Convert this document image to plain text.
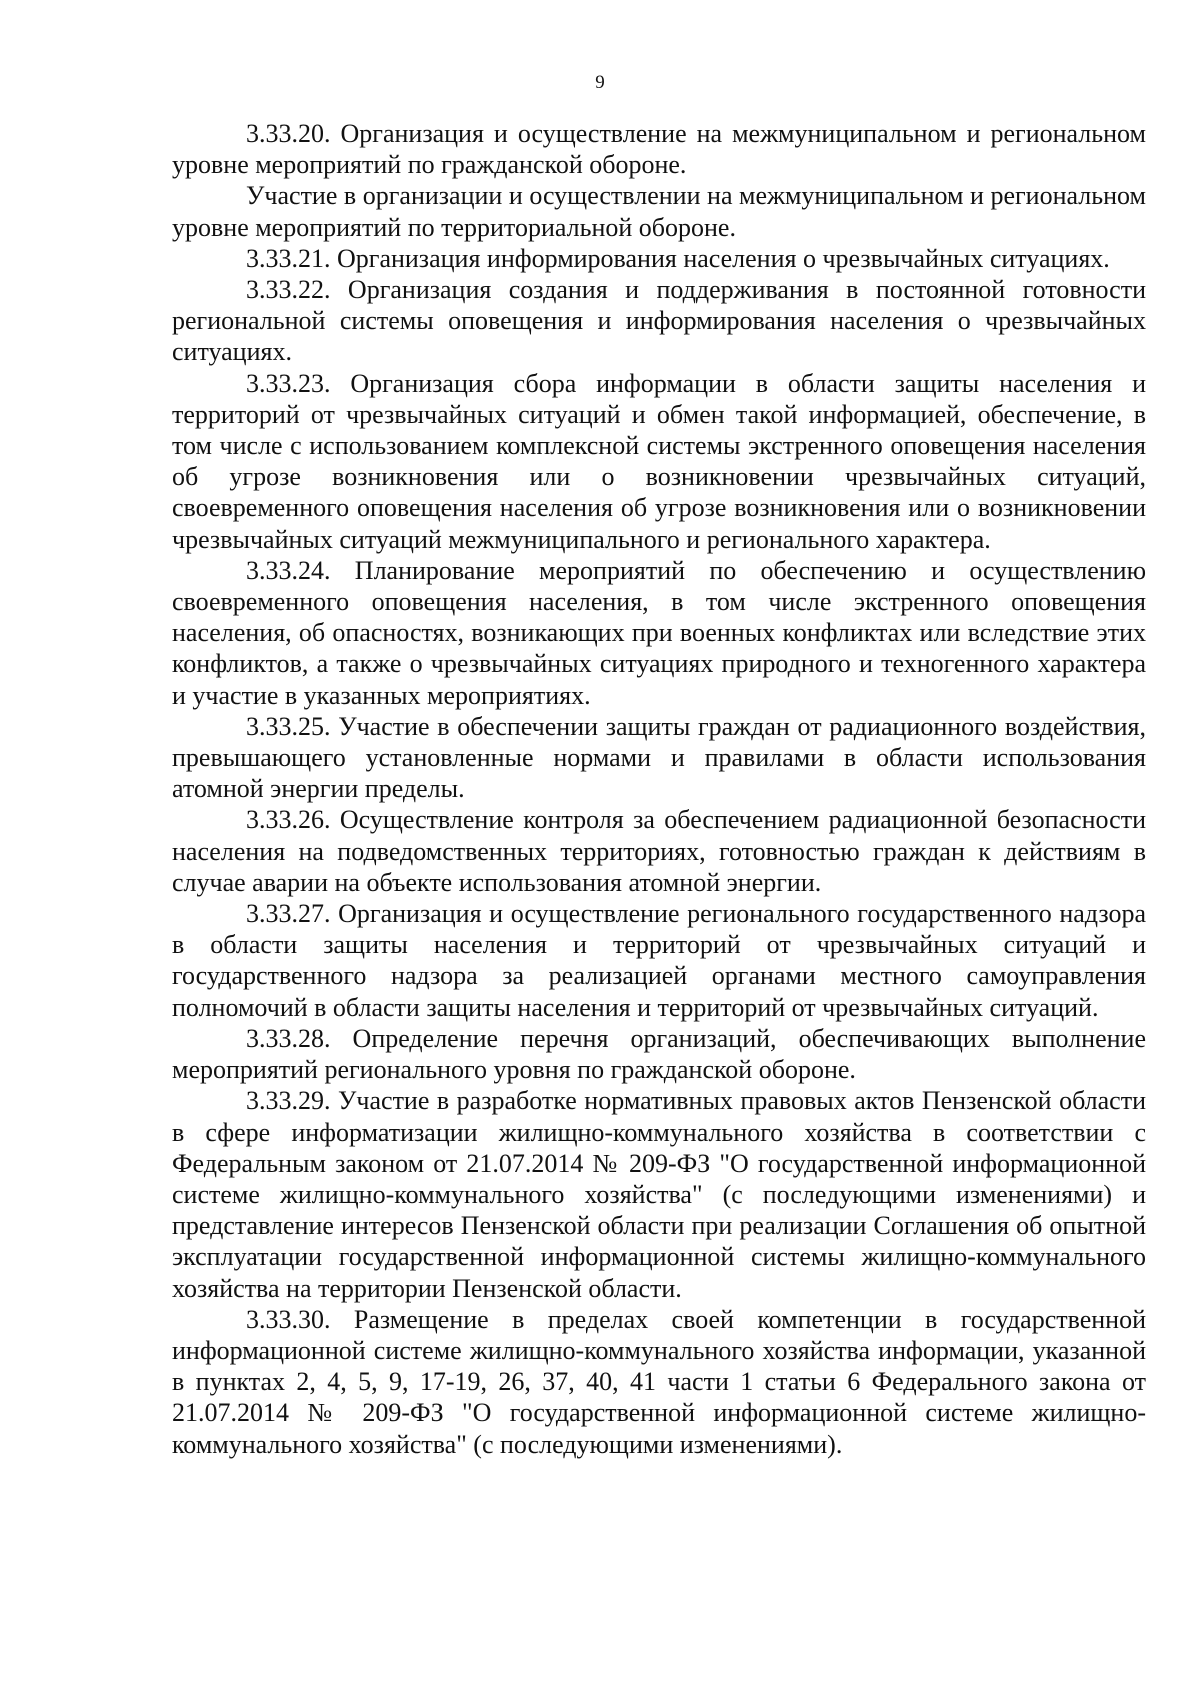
9

3.33.20. Организация и осуществление на межмуниципальном и региональном уровне мероприятий по гражданской обороне.

Участие в организации и осуществлении на межмуниципальном и региональном уровне мероприятий по территориальной обороне.

3.33.21. Организация информирования населения о чрезвычайных ситуациях.

3.33.22. Организация создания и поддерживания в постоянной готовности региональной системы оповещения и информирования населения о чрезвычайных ситуациях.

3.33.23. Организация сбора информации в области защиты населения и территорий от чрезвычайных ситуаций и обмен такой информацией, обеспечение, в том числе с использованием комплексной системы экстренного оповещения населения об угрозе возникновения или о возникновении чрезвычайных ситуаций, своевременного оповещения населения об угрозе возникновения или о возникновении чрезвычайных ситуаций межмуниципального и регионального характера.

3.33.24. Планирование мероприятий по обеспечению и осуществлению своевременного оповещения населения, в том числе экстренного оповещения населения, об опасностях, возникающих при военных конфликтах или вследствие этих конфликтов, а также о чрезвычайных ситуациях природного и техногенного характера и участие в указанных мероприятиях.

3.33.25. Участие в обеспечении защиты граждан от радиационного воздействия, превышающего установленные нормами и правилами в области использования атомной энергии пределы.

3.33.26. Осуществление контроля за обеспечением радиационной безопасности населения на подведомственных территориях, готовностью граждан к действиям в случае аварии на объекте использования атомной энергии.

3.33.27. Организация и осуществление регионального государственного надзора в области защиты населения и территорий от чрезвычайных ситуаций и государственного надзора за реализацией органами местного самоуправления полномочий в области защиты населения и территорий от чрезвычайных ситуаций.

3.33.28. Определение перечня организаций, обеспечивающих выполнение мероприятий регионального уровня по гражданской обороне.

3.33.29. Участие в разработке нормативных правовых актов Пензенской области в сфере информатизации жилищно-коммунального хозяйства в соответствии с Федеральным законом от 21.07.2014 № 209-ФЗ "О государственной информационной системе жилищно-коммунального хозяйства" (с последующими изменениями) и представление интересов Пензенской области при реализации Соглашения об опытной эксплуатации государственной информационной системы жилищно-коммунального хозяйства на территории Пензенской области.

3.33.30. Размещение в пределах своей компетенции в государственной информационной системе жилищно-коммунального хозяйства информации, указанной в пунктах 2, 4, 5, 9, 17-19, 26, 37, 40, 41 части 1 статьи 6 Федерального закона от 21.07.2014 № 209-ФЗ "О государственной информационной системе жилищно-коммунального хозяйства" (с последующими изменениями).
